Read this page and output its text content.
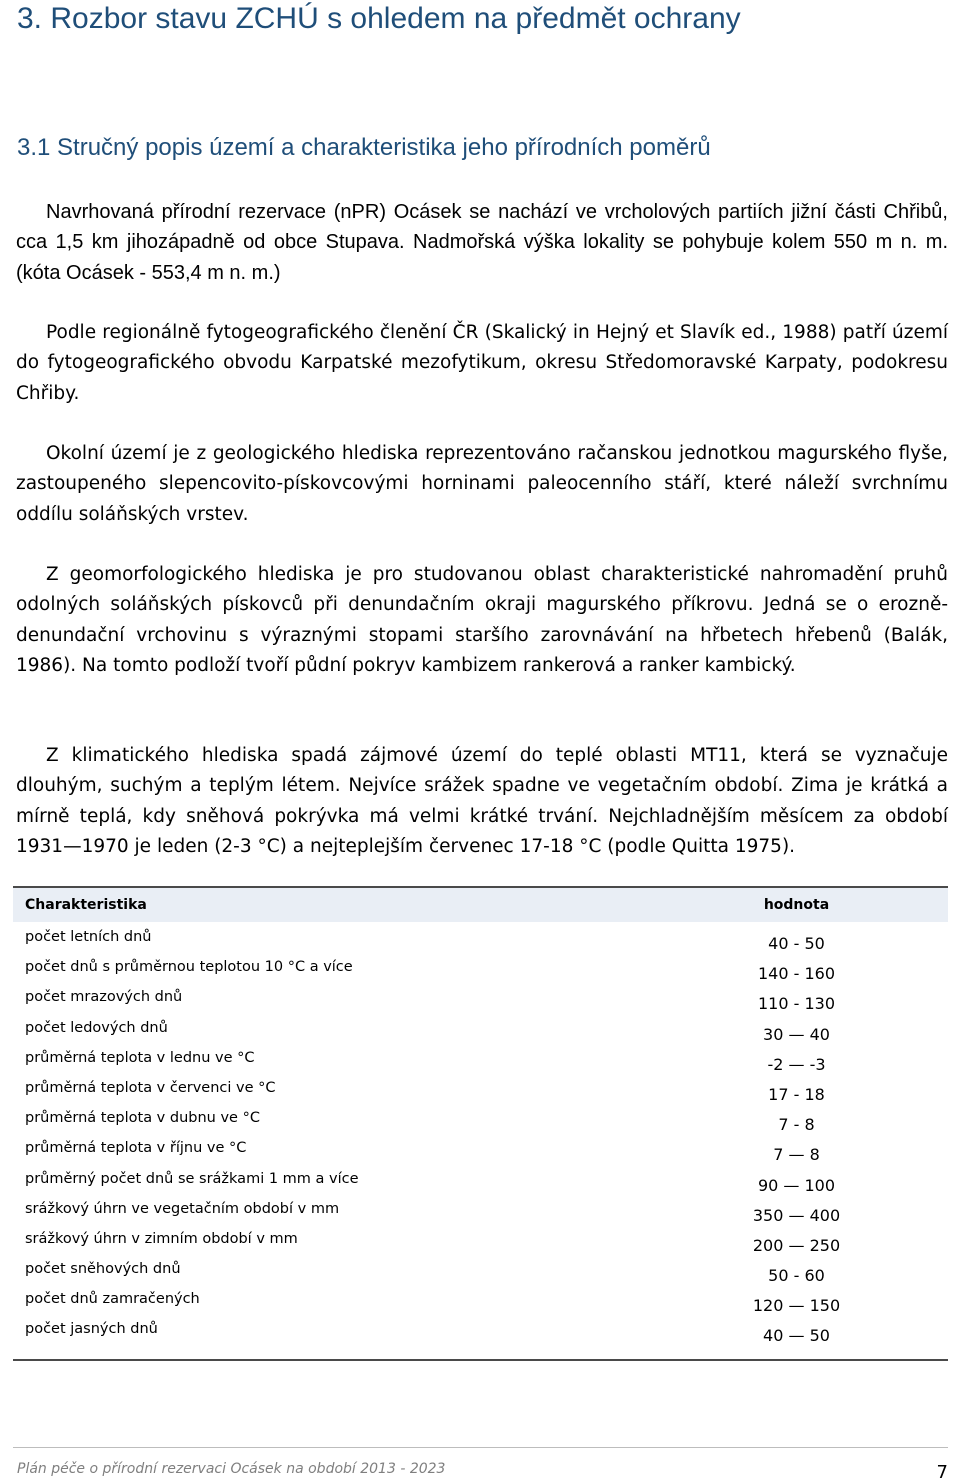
3. Rozbor stavu ZCHÚ s ohledem na předmět ochrany
3.1 Stručný popis území a charakteristika jeho přírodních poměrů

Navrhovaná přírodní rezervace (nPR) Ocásek se nachází ve vrcholových partiích jižní části Chřibů, cca 1,5 km jihozápadně od obce Stupava. Nadmořská výška lokality se pohybuje kolem 550 m n. m. (kóta Ocásek - 553,4 m n. m.)

Podle regionálně fytogeografického členění ČR (Skalický in Hejný et Slavík ed., 1988) patří území do fytogeografického obvodu Karpatské mezofytikum, okresu Středomoravské Karpaty, podokresu Chřiby.

Okolní území je z geologického hlediska reprezentováno račanskou jednotkou magurského flyše, zastoupeného slepencovito-pískovcovými horninami paleocenního stáří, které náleží svrchnímu oddílu soláňských vrstev.

Z geomorfologického hlediska je pro studovanou oblast charakteristické nahromadění pruhů odolných soláňských pískovců při denundačním okraji magurského příkrovu. Jedná se o erozně-denundační vrchovinu s výraznými stopami staršího zarovnávání na hřbetech hřebenů (Balák, 1986). Na tomto podloží tvoří půdní pokryv kambizem rankerová a ranker kambický.

Z klimatického hlediska spadá zájmové území do teplé oblasti MT11, která se vyznačuje dlouhým, suchým a teplým létem. Nejvíce srážek spadne ve vegetačním období. Zima je krátká a mírně teplá, kdy sněhová pokrývka má velmi krátké trvání. Nejchladnějším měsícem za období 1931—1970 je leden (2-3 °C) a nejteplejším červenec 17-18 °C (podle Quitta 1975).

Charakteristika	hodnota
počet letních dnů	40 - 50
počet dnů s průměrnou teplotou 10 °C a více	140 - 160
počet mrazových dnů	110 - 130
počet ledových dnů	30 — 40
průměrná teplota v lednu ve °C	-2 — -3
průměrná teplota v červenci ve °C	17 - 18
průměrná teplota v dubnu ve °C	7 - 8
průměrná teplota v říjnu ve °C	7 — 8
průměrný počet dnů se srážkami 1 mm a více	90 — 100
srážkový úhrn ve vegetačním období v mm	350 — 400
srážkový úhrn v zimním období v mm	200 — 250
počet sněhových dnů	50 - 60
počet dnů zamračených	120 — 150
počet jasných dnů	40 — 50
Plán péče o přírodní rezervaci Ocásek na období 2013 - 2023	7
